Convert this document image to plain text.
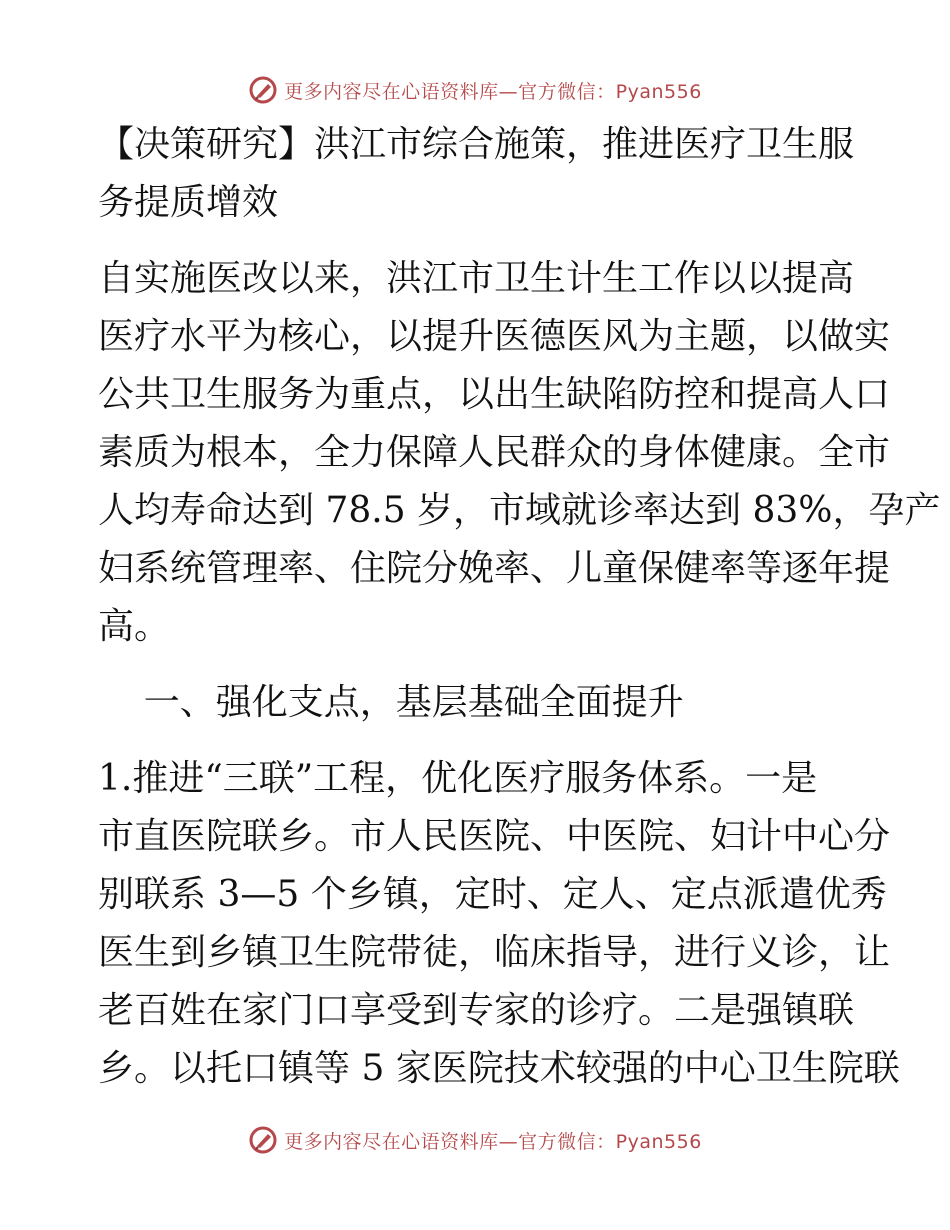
更多内容尽在心语资料库—官方微信：Pyan556
【决策研究】洪江市综合施策，推进医疗卫生服
务提质增效
自实施医改以来，洪江市卫生计生工作以以提高
医疗水平为核心，以提升医德医风为主题，以做实
公共卫生服务为重点，以出生缺陷防控和提高人口
素质为根本，全力保障人民群众的身体健康。全市
人均寿命达到 78.5 岁，市域就诊率达到 83%，孕产
妇系统管理率、住院分娩率、儿童保健率等逐年提
高。
一、强化支点，基层基础全面提升
1.推进“三联”工程，优化医疗服务体系。一是
市直医院联乡。市人民医院、中医院、妇计中心分
别联系 3—5 个乡镇，定时、定人、定点派遣优秀
医生到乡镇卫生院带徒，临床指导，进行义诊，让
老百姓在家门口享受到专家的诊疗。二是强镇联
乡。以托口镇等 5 家医院技术较强的中心卫生院联
更多内容尽在心语资料库—官方微信：Pyan556
